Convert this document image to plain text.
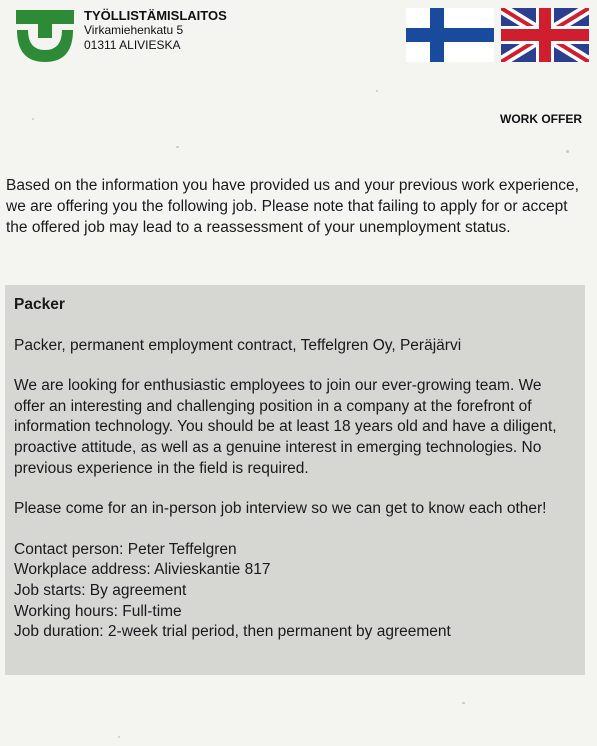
TYÖLLISTÄMISLAITOS
Virkamiehenkatu 5
01311 ALIVIESKA
WORK OFFER
Based on the information you have provided us and your previous work experience, we are offering you the following job. Please note that failing to apply for or accept the offered job may lead to a reassessment of your unemployment status.
Packer

Packer, permanent employment contract, Teffelgren Oy, Peräjärvi

We are looking for enthusiastic employees to join our ever-growing team. We offer an interesting and challenging position in a company at the forefront of information technology. You should be at least 18 years old and have a diligent, proactive attitude, as well as a genuine interest in emerging technologies. No previous experience in the field is required.

Please come for an in-person job interview so we can get to know each other!

Contact person: Peter Teffelgren
Workplace address: Alivieskantie 817
Job starts: By agreement
Working hours: Full-time
Job duration: 2-week trial period, then permanent by agreement
